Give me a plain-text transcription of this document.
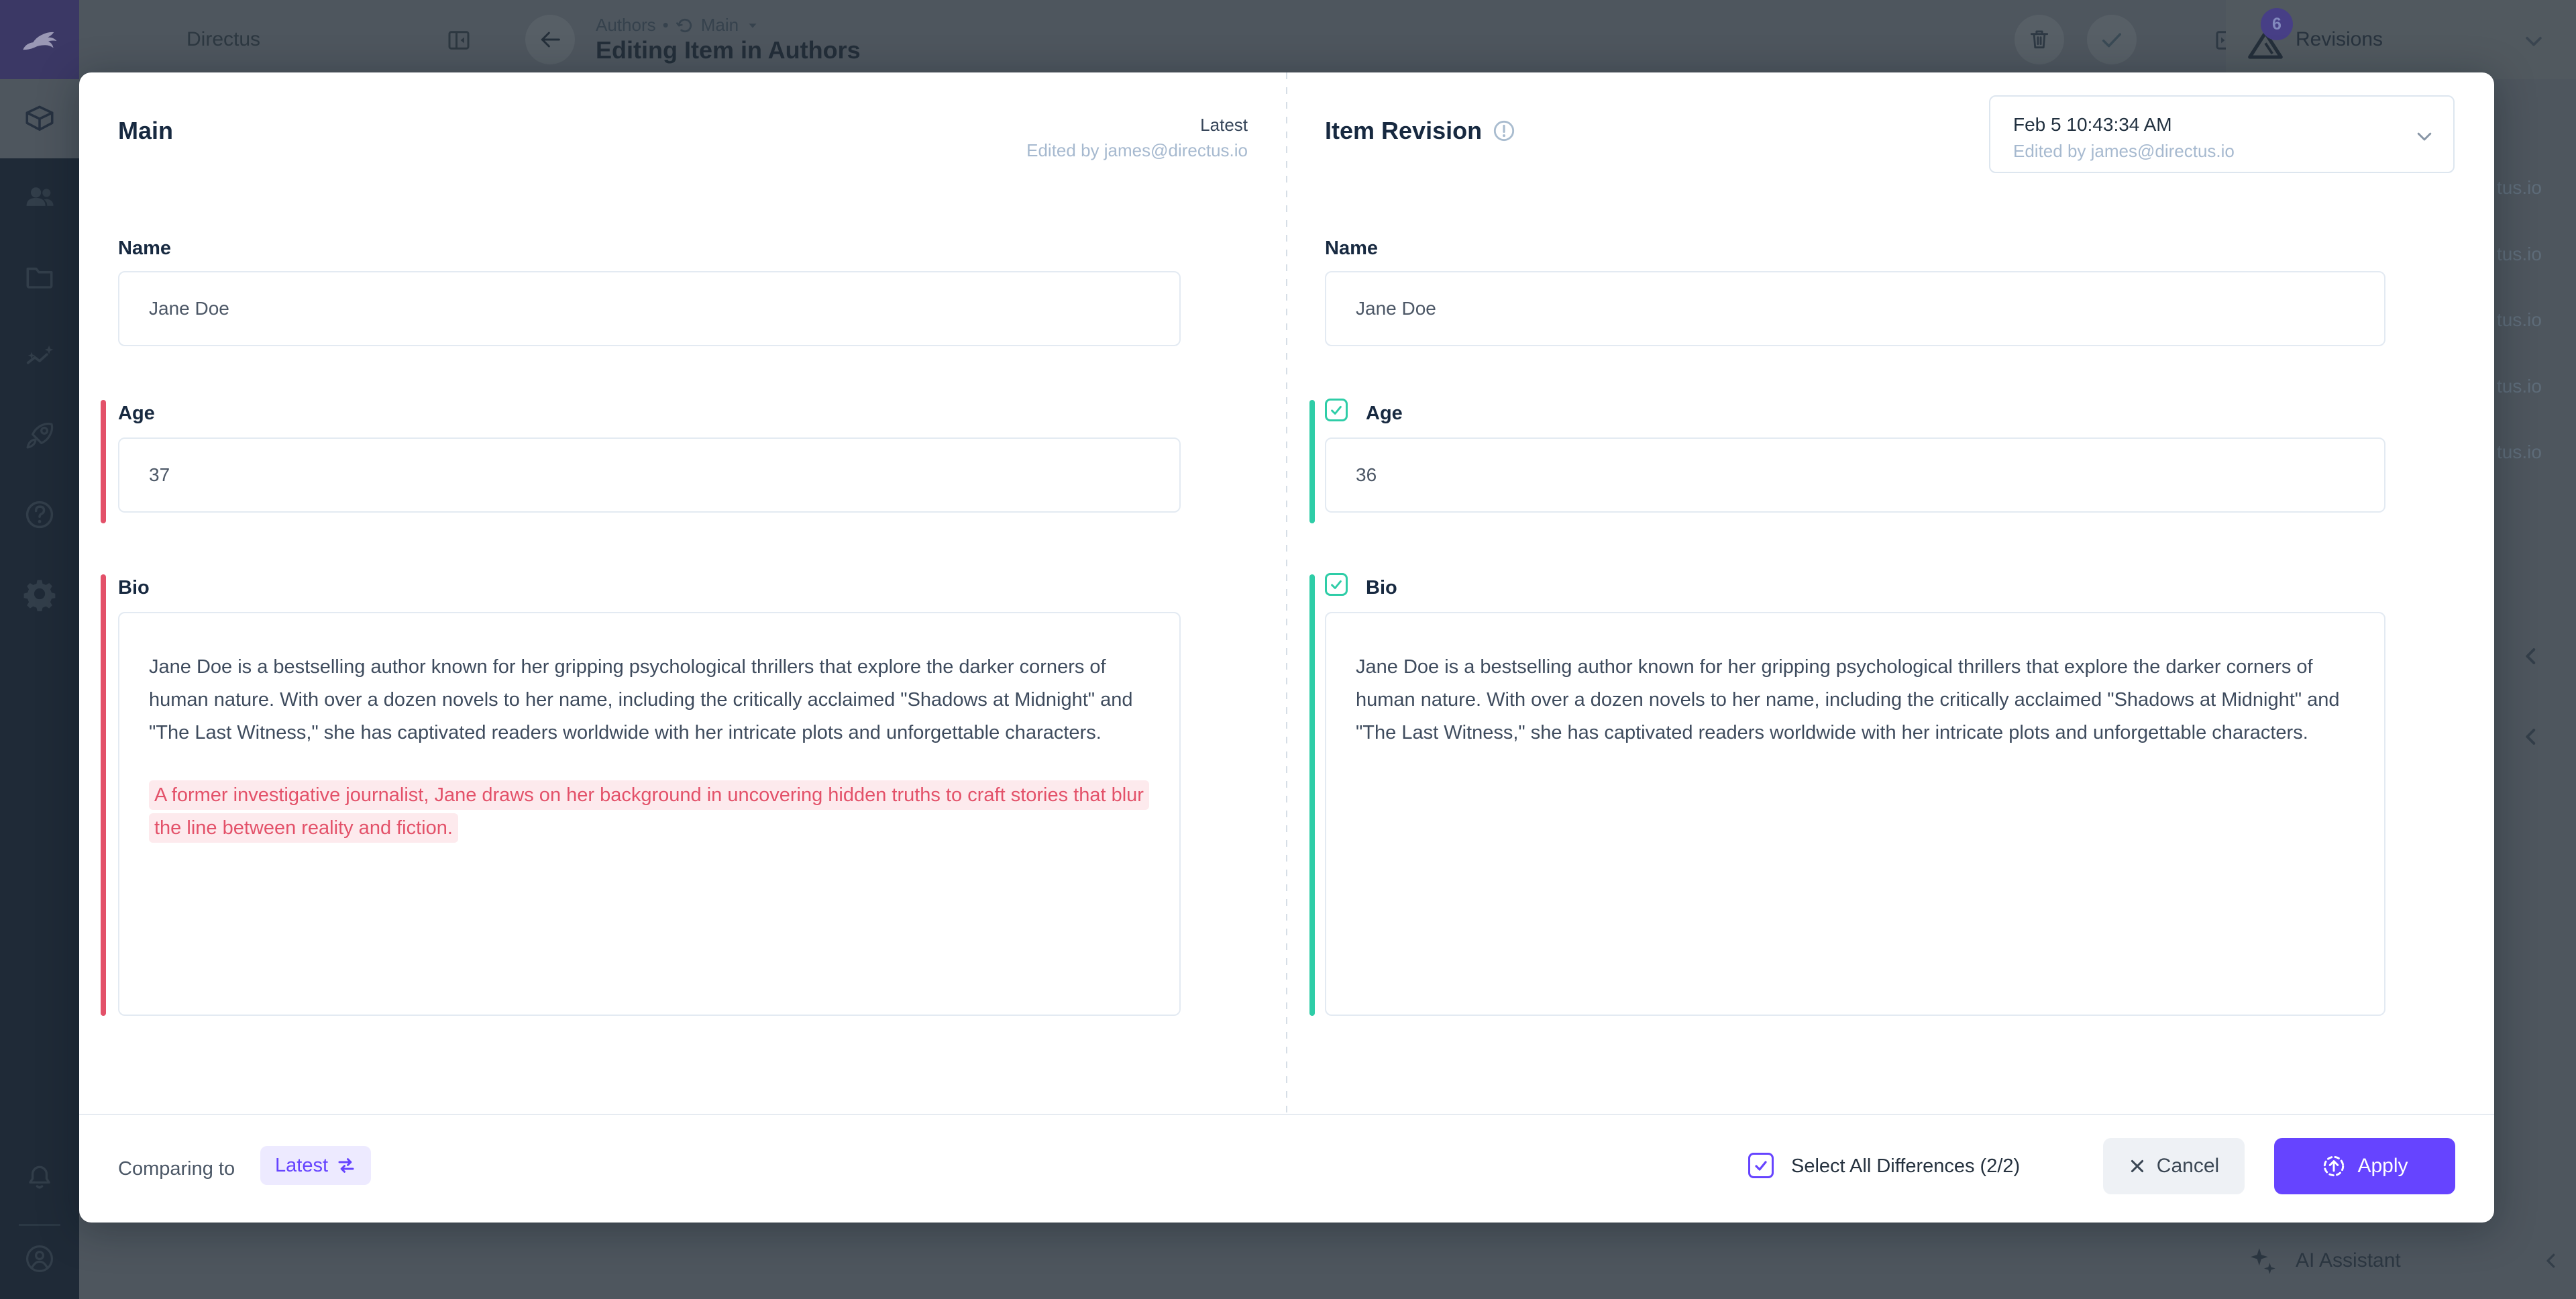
Directus
Authors • Main
Editing Item in Authors
6
Revisions
tus.io
tus.io
tus.io
tus.io
tus.io
AI Assistant
Main	Latest
Edited by james@directus.io
Name
Jane Doe
Age
37
Bio
Jane Doe is a bestselling author known for her gripping psychological thrillers that explore the darker corners of human nature. With over a dozen novels to her name, including the critically acclaimed "Shadows at Midnight" and "The Last Witness," she has captivated readers worldwide with her intricate plots and unforgettable characters.
A former investigative journalist, Jane draws on her background in uncovering hidden truths to craft stories that blur the line between reality and fiction.
Item Revision	Feb 5 10:43:34 AM
Edited by james@directus.io
Name
Jane Doe
Age
36
Bio
Jane Doe is a bestselling author known for her gripping psychological thrillers that explore the darker corners of human nature. With over a dozen novels to her name, including the critically acclaimed "Shadows at Midnight" and "The Last Witness," she has captivated readers worldwide with her intricate plots and unforgettable characters.
Comparing to Latest	Select All Differences (2/2)	Cancel	Apply
